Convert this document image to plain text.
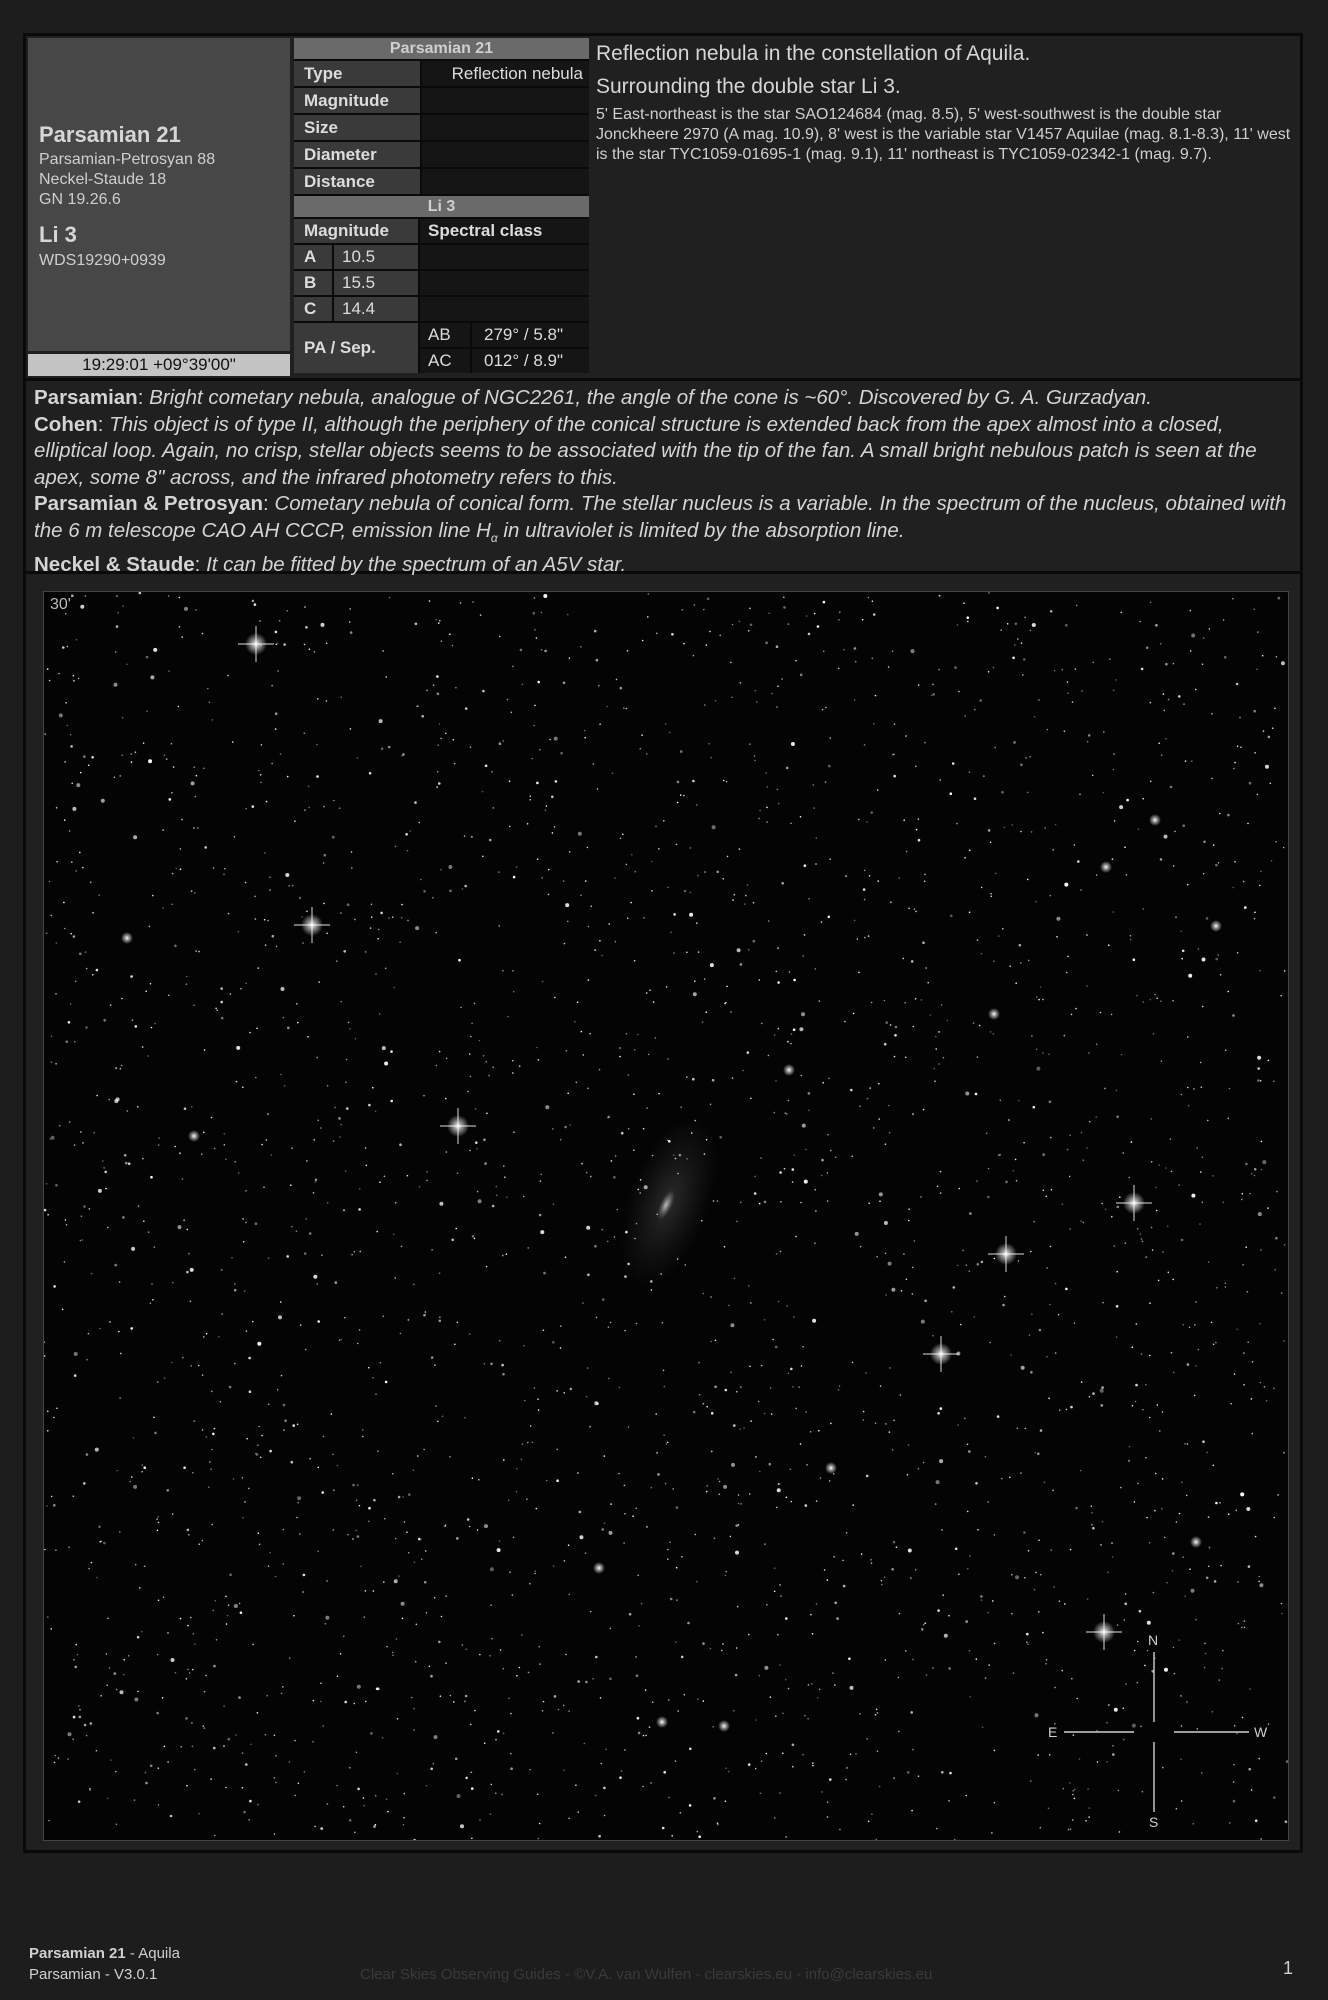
Parsamian 21
Parsamian-Petrosyan 88
Neckel-Staude 18
GN 19.26.6
Li 3
WDS19290+0939
19:29:01 +09°39'00"
Parsamian 21
Type	Reflection nebula
Magnitude
Size
Diameter
Distance
Li 3
Magnitude	Spectral class
A	10.5
B	15.5
C	14.4
PA / Sep.
AB	279° / 5.8"
AC	012° / 8.9"
Reflection nebula in the constellation of Aquila.
Surrounding the double star Li 3.
5' East-northeast is the star SAO124684 (mag. 8.5), 5' west-southwest is the double star Jonckheere 2970 (A mag. 10.9), 8' west is the variable star V1457 Aquilae (mag. 8.1-8.3), 11' west is the star TYC1059-01695-1 (mag. 9.1), 11' northeast is TYC1059-02342-1 (mag. 9.7).
Parsamian: Bright cometary nebula, analogue of NGC2261, the angle of the cone is ~60°. Discovered by G. A. Gurzadyan.
Cohen: This object is of type II, although the periphery of the conical structure is extended back from the apex almost into a closed, elliptical loop. Again, no crisp, stellar objects seems to be associated with the tip of the fan. A small bright nebulous patch is seen at the apex, some 8" across, and the infrared photometry refers to this.
Parsamian & Petrosyan: Cometary nebula of conical form. The stellar nucleus is a variable. In the spectrum of the nucleus, obtained with the 6 m telescope CAO AH CCCP, emission line $H_\alpha$ in ultraviolet is limited by the absorption line.
Neckel & Staude: It can be fitted by the spectrum of an A5V star.
30'
N
S
E	W
Parsamian 21 - Aquila
Parsamian - V3.0.1	Clear Skies Observing Guides - ©V.A. van Wulfen - clearskies.eu - info@clearskies.eu	1
